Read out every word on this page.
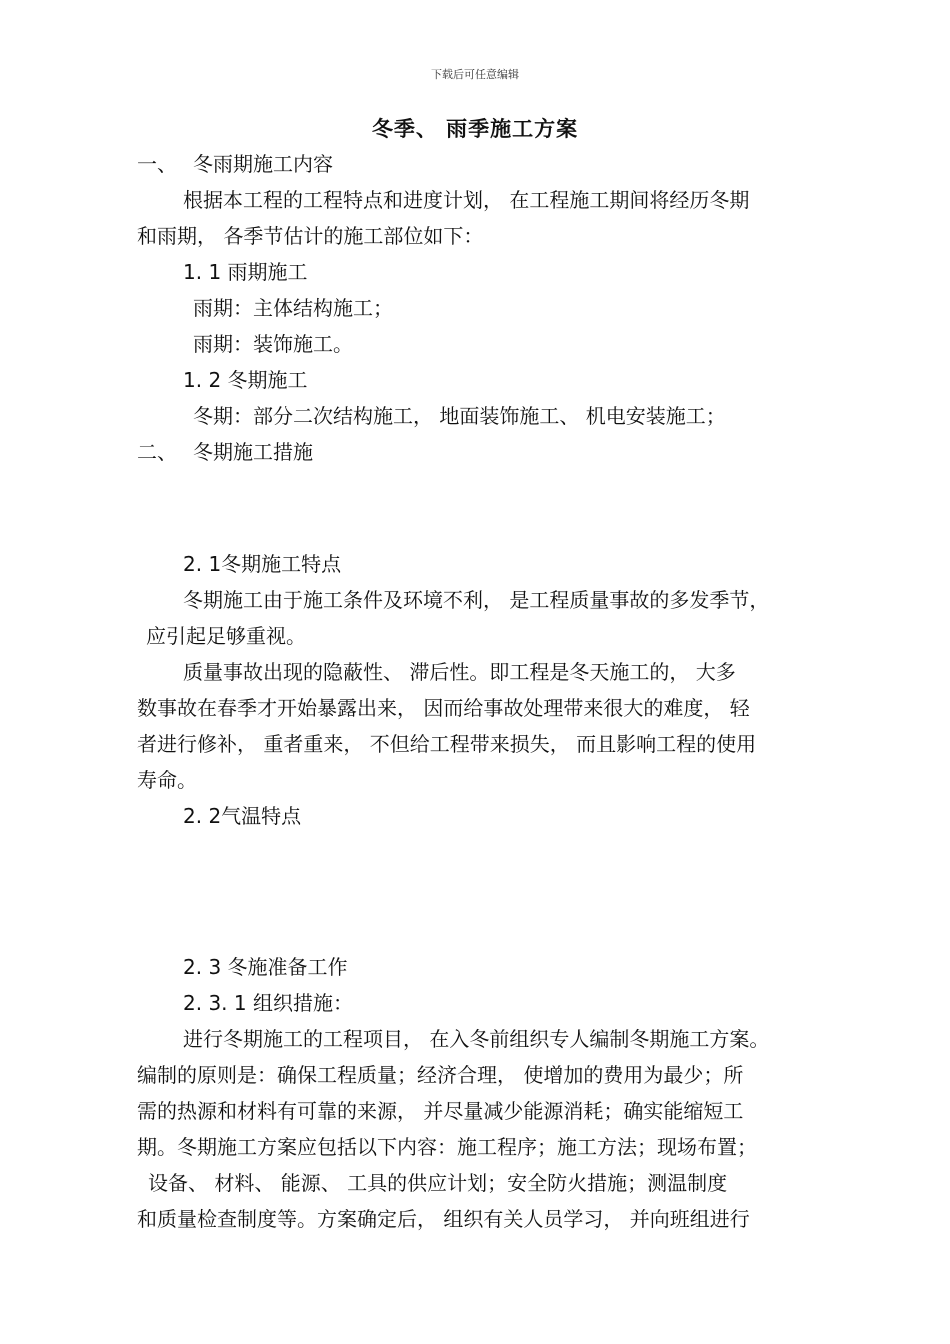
下载后可任意编辑
冬季、 雨季施工方案
一、 冬雨期施工内容
根据本工程的工程特点和进度计划， 在工程施工期间将经历冬期
和雨期， 各季节估计的施工部位如下：
1. 1 雨期施工
雨期：主体结构施工；
雨期：装饰施工。
1. 2 冬期施工
冬期：部分二次结构施工， 地面装饰施工、 机电安装施工；
二、 冬期施工措施
2. 1冬期施工特点
冬期施工由于施工条件及环境不利， 是工程质量事故的多发季节，
应引起足够重视。
质量事故出现的隐蔽性、 滞后性。即工程是冬天施工的， 大多
数事故在春季才开始暴露出来， 因而给事故处理带来很大的难度， 轻
者进行修补， 重者重来， 不但给工程带来损失， 而且影响工程的使用
寿命。
2. 2气温特点
2. 3 冬施准备工作
2. 3. 1 组织措施：
进行冬期施工的工程项目， 在入冬前组织专人编制冬期施工方案。
编制的原则是：确保工程质量；经济合理， 使增加的费用为最少；所
需的热源和材料有可靠的来源， 并尽量减少能源消耗；确实能缩短工
期。冬期施工方案应包括以下内容：施工程序；施工方法；现场布置；
设备、 材料、 能源、 工具的供应计划；安全防火措施；测温制度
和质量检查制度等。方案确定后， 组织有关人员学习， 并向班组进行
